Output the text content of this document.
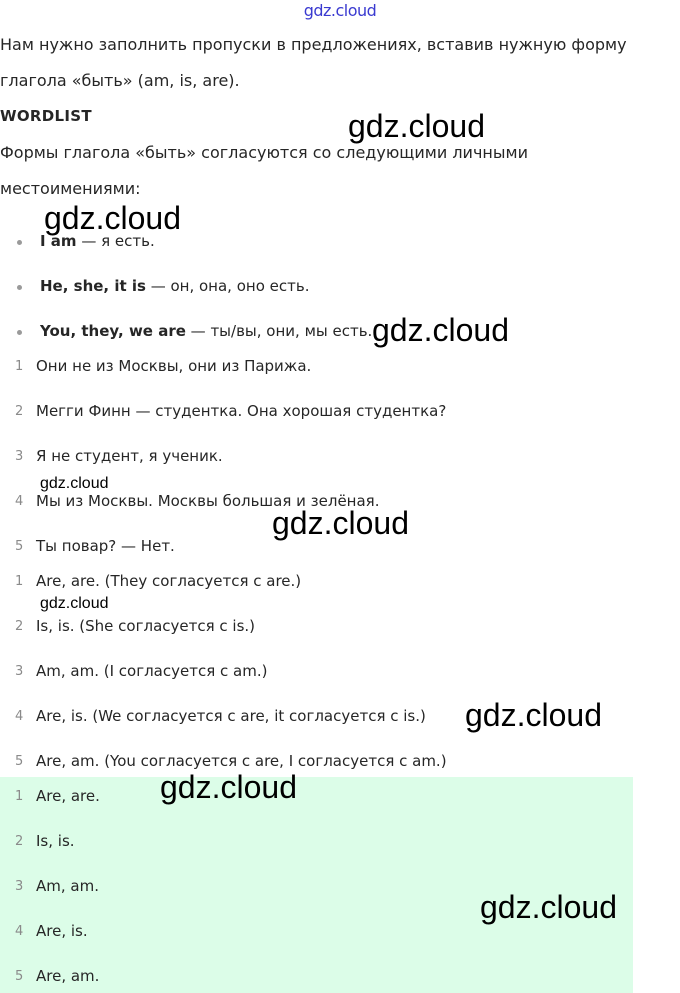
gdz.cloud
Нам нужно заполнить пропуски в предложениях, вставив нужную форму
глагола «быть» (am, is, are).
WORDLIST
Формы глагола «быть» согласуются со следующими личными
местоимениями:
I am — я есть.
He, she, it is — он, она, оно есть.
You, they, we are — ты/вы, они, мы есть.
1 Они не из Москвы, они из Парижа.
2 Мегги Финн — студентка. Она хорошая студентка?
3 Я не студент, я ученик.
4 Мы из Москвы. Москвы большая и зелёная.
5 Ты повар? — Нет.
1 Are, are. (They согласуется с are.)
2 Is, is. (She согласуется с is.)
3 Am, am. (I согласуется с am.)
4 Are, is. (We согласуется с are, it согласуется с is.)
5 Are, am. (You согласуется с are, I согласуется с am.)
1 Are, are.
2 Is, is.
3 Am, am.
4 Are, is.
5 Are, am.
gdz.cloud
gdz.cloud
gdz.cloud
gdz.cloud
gdz.cloud
gdz.cloud
gdz.cloud
gdz.cloud
gdz.cloud
